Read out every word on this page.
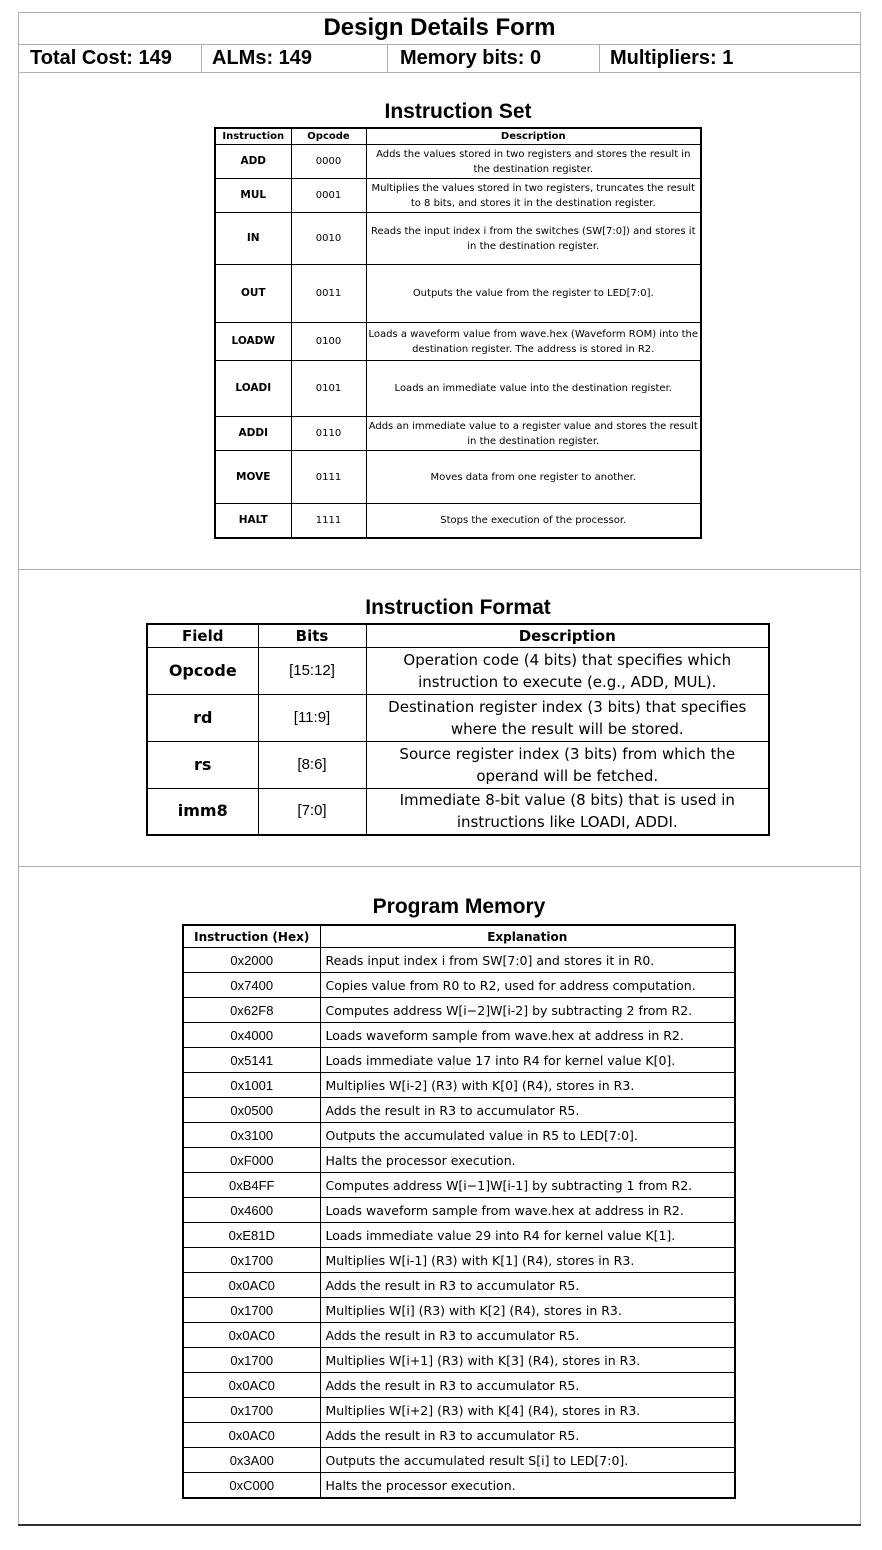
Design Details Form
Total Cost: 149	ALMs: 149	Memory bits: 0	Multipliers: 1
Instruction Set
Instruction	Opcode	Description
ADD	0000	Adds the values stored in two registers and stores the result in the destination register.
MUL	0001	Multiplies the values stored in two registers, truncates the result to 8 bits, and stores it in the destination register.
IN	0010	Reads the input index i from the switches (SW[7:0]) and stores it in the destination register.
OUT	0011	Outputs the value from the register to LED[7:0].
LOADW	0100	Loads a waveform value from wave.hex (Waveform ROM) into the destination register. The address is stored in R2.
LOADI	0101	Loads an immediate value into the destination register.
ADDI	0110	Adds an immediate value to a register value and stores the result in the destination register.
MOVE	0111	Moves data from one register to another.
HALT	1111	Stops the execution of the processor.
Instruction Format
Field	Bits	Description
Opcode	[15:12]	Operation code (4 bits) that specifies which instruction to execute (e.g., ADD, MUL).
rd	[11:9]	Destination register index (3 bits) that specifies where the result will be stored.
rs	[8:6]	Source register index (3 bits) from which the operand will be fetched.
imm8	[7:0]	Immediate 8-bit value (8 bits) that is used in instructions like LOADI, ADDI.
Program Memory
Instruction (Hex)	Explanation
0x2000	Reads input index i from SW[7:0] and stores it in R0.
0x7400	Copies value from R0 to R2, used for address computation.
0x62F8	Computes address W[i−2]W[i-2] by subtracting 2 from R2.
0x4000	Loads waveform sample from wave.hex at address in R2.
0x5141	Loads immediate value 17 into R4 for kernel value K[0].
0x1001	Multiplies W[i-2] (R3) with K[0] (R4), stores in R3.
0x0500	Adds the result in R3 to accumulator R5.
0x3100	Outputs the accumulated value in R5 to LED[7:0].
0xF000	Halts the processor execution.
0xB4FF	Computes address W[i−1]W[i-1] by subtracting 1 from R2.
0x4600	Loads waveform sample from wave.hex at address in R2.
0xE81D	Loads immediate value 29 into R4 for kernel value K[1].
0x1700	Multiplies W[i-1] (R3) with K[1] (R4), stores in R3.
0x0AC0	Adds the result in R3 to accumulator R5.
0x1700	Multiplies W[i] (R3) with K[2] (R4), stores in R3.
0x0AC0	Adds the result in R3 to accumulator R5.
0x1700	Multiplies W[i+1] (R3) with K[3] (R4), stores in R3.
0x0AC0	Adds the result in R3 to accumulator R5.
0x1700	Multiplies W[i+2] (R3) with K[4] (R4), stores in R3.
0x0AC0	Adds the result in R3 to accumulator R5.
0x3A00	Outputs the accumulated result S[i] to LED[7:0].
0xC000	Halts the processor execution.
